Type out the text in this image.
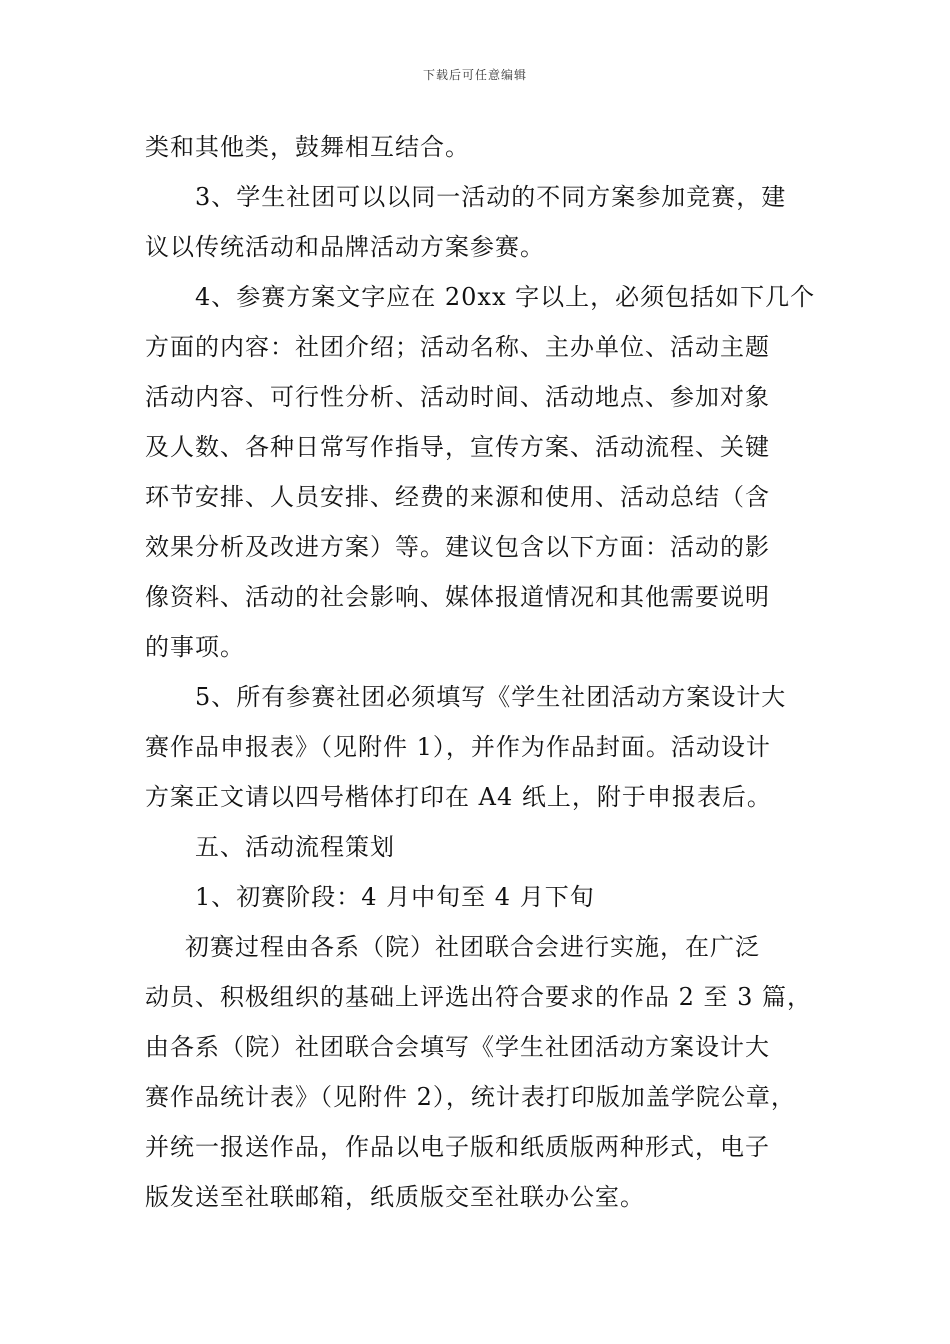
下载后可任意编辑
类和其他类，鼓舞相互结合。
3、学生社团可以以同一活动的不同方案参加竞赛，建
议以传统活动和品牌活动方案参赛。
4、参赛方案文字应在 20xx 字以上，必须包括如下几个
方面的内容：社团介绍；活动名称、主办单位、活动主题
活动内容、可行性分析、活动时间、活动地点、参加对象
及人数、各种日常写作指导，宣传方案、活动流程、关键
环节安排、人员安排、经费的来源和使用、活动总结（含
效果分析及改进方案）等。建议包含以下方面：活动的影
像资料、活动的社会影响、媒体报道情况和其他需要说明
的事项。
5、所有参赛社团必须填写《学生社团活动方案设计大
赛作品申报表》（见附件 1），并作为作品封面。活动设计
方案正文请以四号楷体打印在 A4 纸上，附于申报表后。
五、活动流程策划
1、初赛阶段：4 月中旬至 4 月下旬
初赛过程由各系（院）社团联合会进行实施，在广泛
动员、积极组织的基础上评选出符合要求的作品 2 至 3 篇，
由各系（院）社团联合会填写《学生社团活动方案设计大
赛作品统计表》（见附件 2），统计表打印版加盖学院公章，
并统一报送作品，作品以电子版和纸质版两种形式，电子
版发送至社联邮箱，纸质版交至社联办公室。
